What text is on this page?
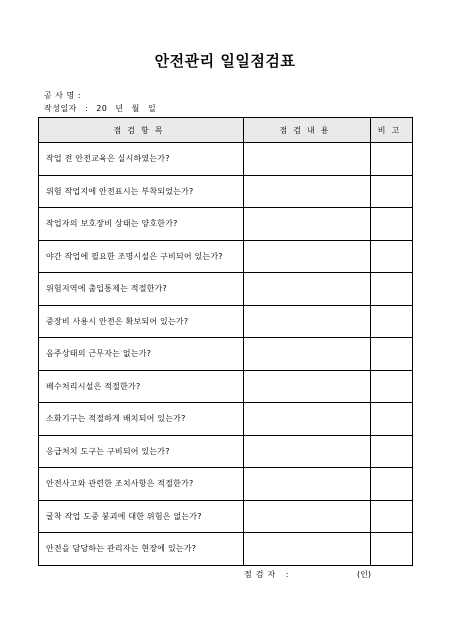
안전관리 일일점검표
공 사 명 :
작성일자 : 20 년 월 일
점검항목	점검내용	비고
작업 전 안전교육은 실시하였는가?		
위험 작업지에 안전표시는 부착되었는가?		
작업자의 보호장비 상태는 양호한가?		
야간 작업에 필요한 조명시설은 구비되어 있는가?		
위험지역에 출입통제는 적절한가?		
중장비 사용시 안전은 확보되어 있는가?		
음주상태의 근무자는 없는가?		
배수처리시설은 적절한가?		
소화기구는 적절하게 배치되어 있는가?		
응급처치 도구는 구비되어 있는가?		
안전사고와 관련한 조치사항은 적절한가?		
굴착 작업 도중 붕괴에 대한 위험은 없는가?		
안전을 담당하는 관리자는 현장에 있는가?		
점검자 :	(인)
